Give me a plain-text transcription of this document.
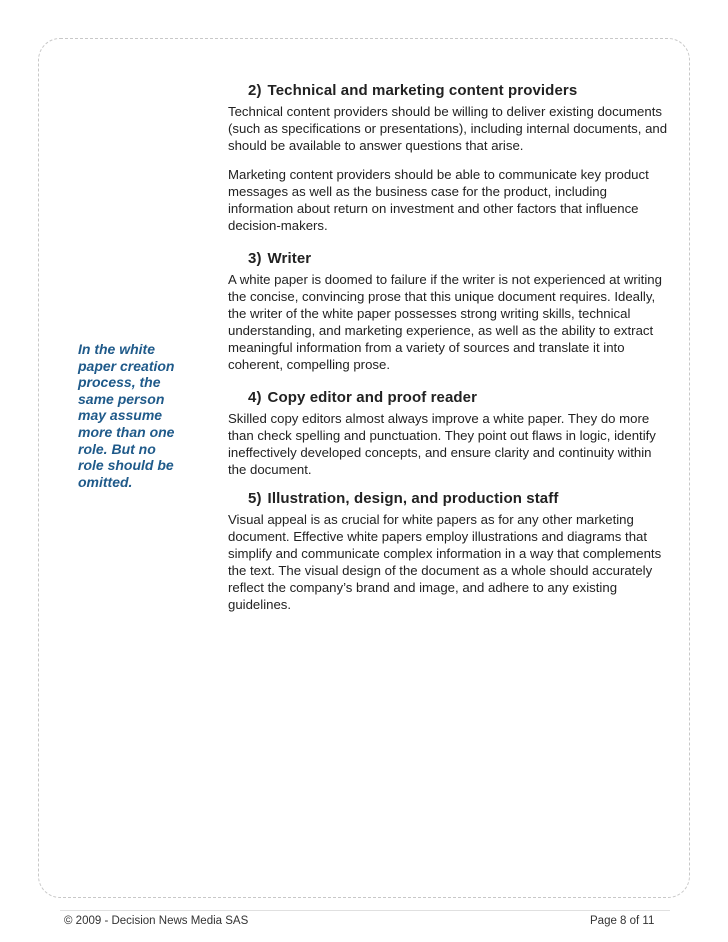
2) Technical and marketing content providers

Technical content providers should be willing to deliver existing documents (such as specifications or presentations), including internal documents, and should be available to answer questions that arise.

Marketing content providers should be able to communicate key product messages as well as the business case for the product, including information about return on investment and other factors that influence decision-makers.

3) Writer

A white paper is doomed to failure if the writer is not experienced at writing the concise, convincing prose that this unique document requires. Ideally, the writer of the white paper possesses strong writing skills, technical understanding, and marketing experience, as well as the ability to extract meaningful information from a variety of sources and translate it into coherent, compelling prose.

4) Copy editor and proof reader

Skilled copy editors almost always improve a white paper. They do more than check spelling and punctuation. They point out flaws in logic, identify ineffectively developed concepts, and ensure clarity and continuity within the document.

5) Illustration, design, and production staff

Visual appeal is as crucial for white papers as for any other marketing document. Effective white papers employ illustrations and diagrams that simplify and communicate complex information in a way that complements the text. The visual design of the document as a whole should accurately reflect the company’s brand and image, and adhere to any existing guidelines.

In the white
paper creation
process, the
same person
may assume
more than one
role. But no
role should be
omitted.
© 2009 - Decision News Media SAS	Page 8 of 11
